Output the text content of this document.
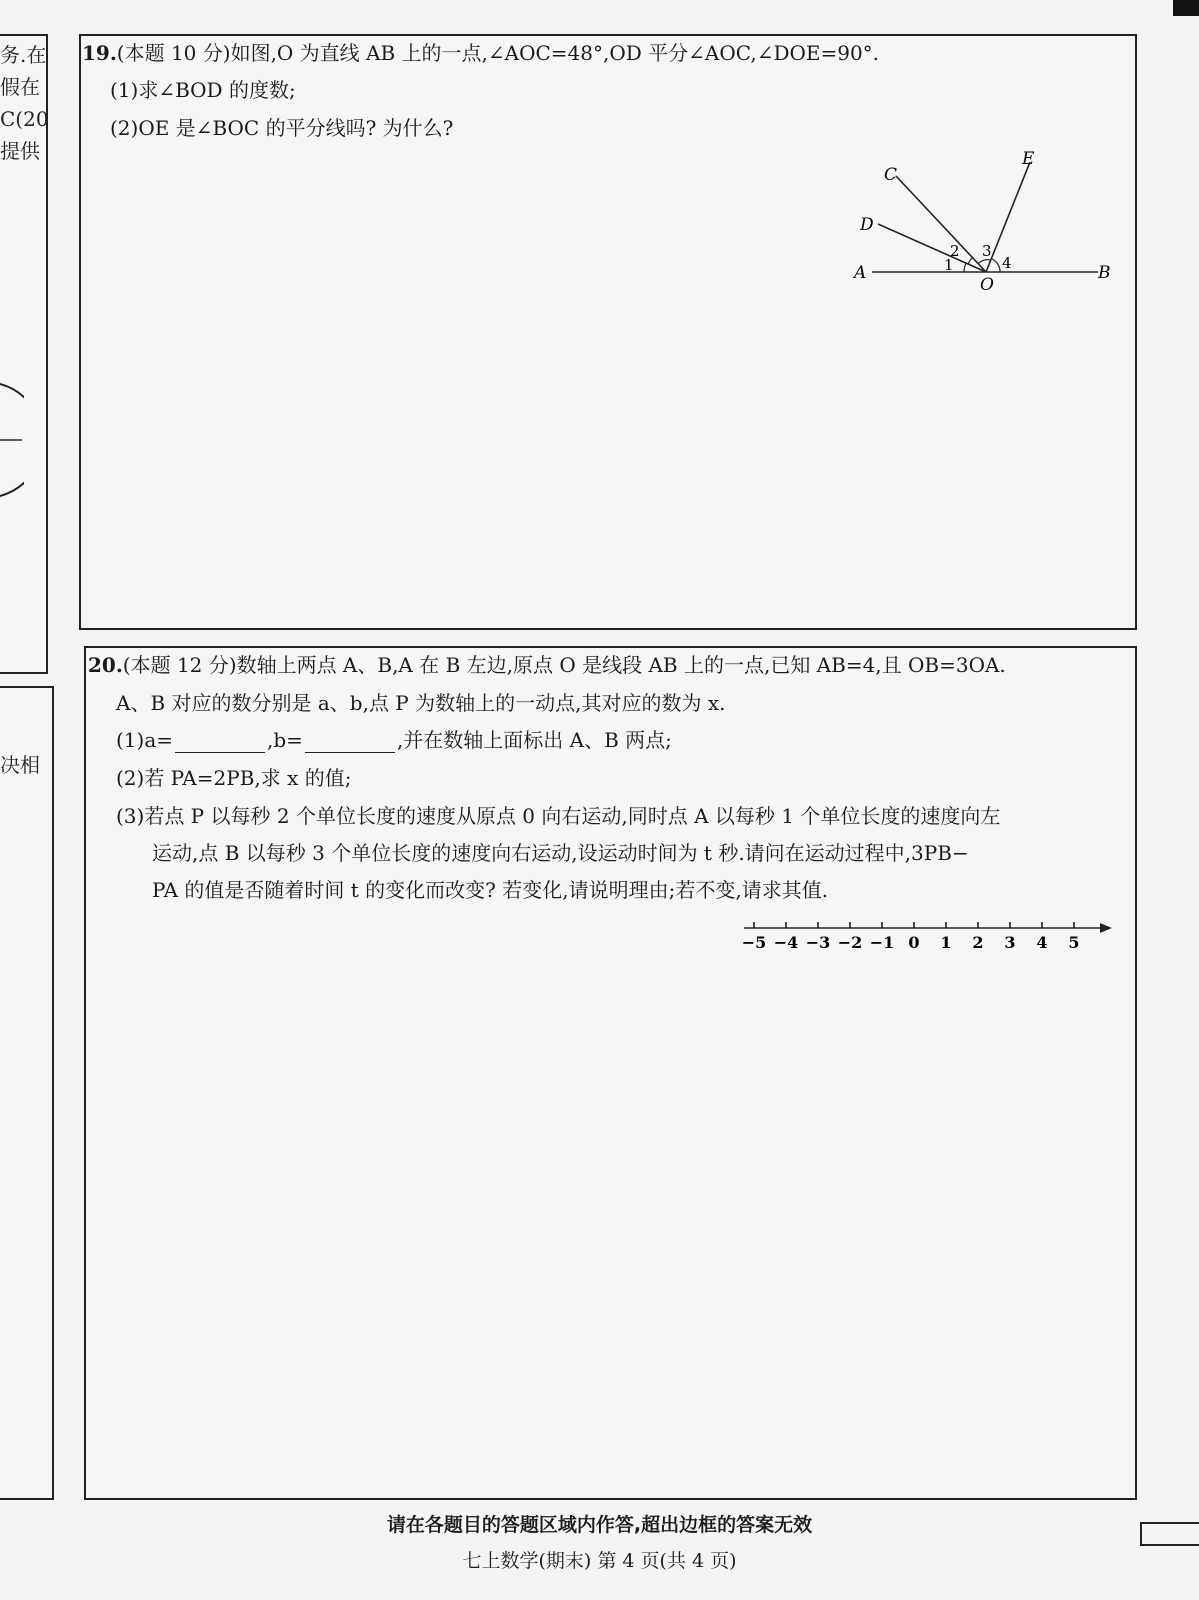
务.在
假在
C(20
提供
决相
19.(本题 10 分)如图,O 为直线 AB 上的一点,∠AOC=48°,OD 平分∠AOC,∠DOE=90°.
(1)求∠BOD 的度数;
(2)OE 是∠BOC 的平分线吗? 为什么?
A	B
C
D
E
O
1
2 3
4
20.(本题 12 分)数轴上两点 A、B,A 在 B 左边,原点 O 是线段 AB 上的一点,已知 AB=4,且 OB=3OA.
A、B 对应的数分别是 a、b,点 P 为数轴上的一动点,其对应的数为 x.
(1)a=	,b=	,并在数轴上面标出 A、B 两点;
(2)若 PA=2PB,求 x 的值;
(3)若点 P 以每秒 2 个单位长度的速度从原点 0 向右运动,同时点 A 以每秒 1 个单位长度的速度向左
运动,点 B 以每秒 3 个单位长度的速度向右运动,设运动时间为 t 秒.请问在运动过程中,3PB−
PA 的值是否随着时间 t 的变化而改变? 若变化,请说明理由;若不变,请求其值.
−5 −4 −3 −2 −1 0 1 2 3 4 5
请在各题目的答题区域内作答,超出边框的答案无效
七上数学(期末) 第 4 页(共 4 页)
